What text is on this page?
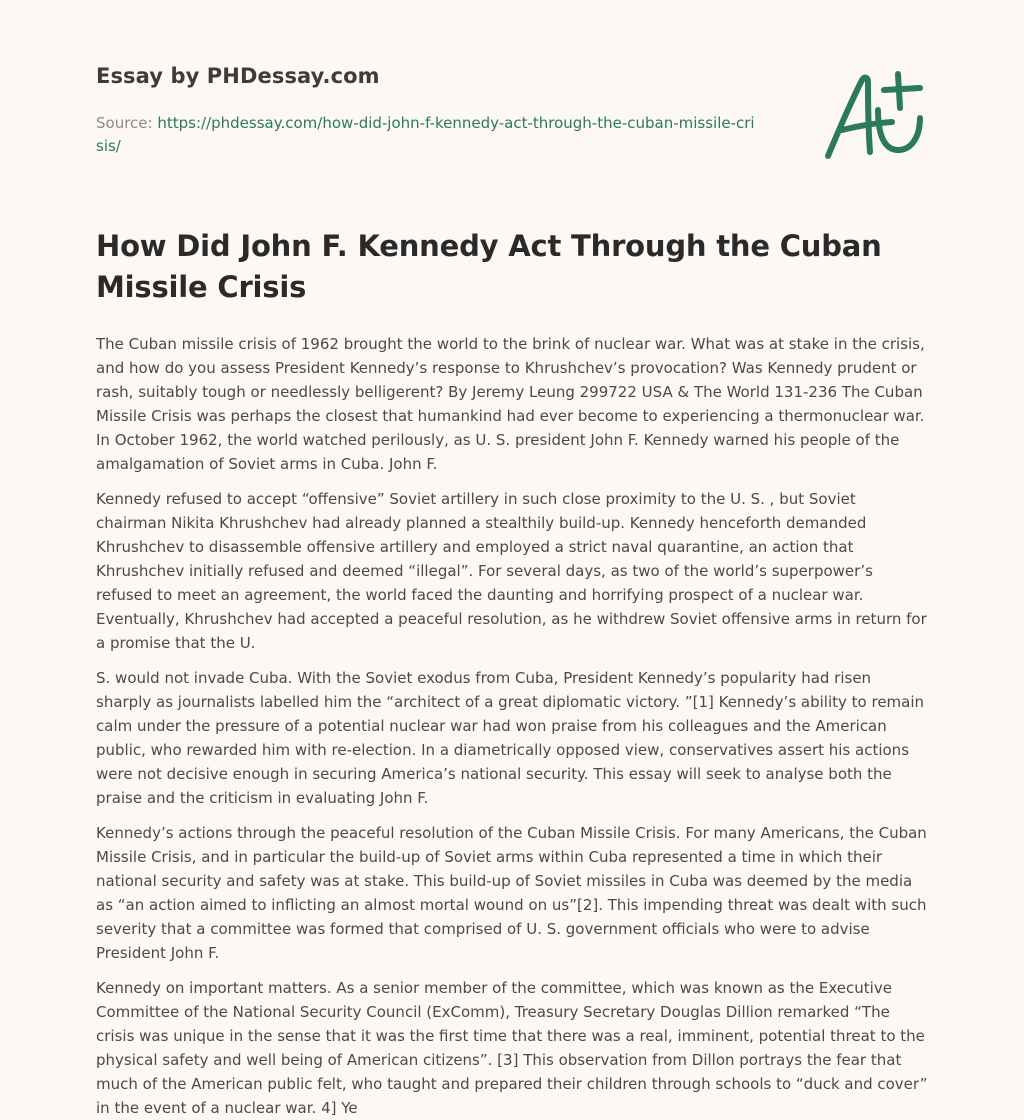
Essay by PHDessay.com
Source: https://phdessay.com/how-did-john-f-kennedy-act-through-the-cuban-missile-crisis/
How Did John F. Kennedy Act Through the Cuban Missile Crisis

The Cuban missile crisis of 1962 brought the world to the brink of nuclear war. What was at stake in the crisis, and how do you assess President Kennedy’s response to Khrushchev’s provocation? Was Kennedy prudent or rash, suitably tough or needlessly belligerent? By Jeremy Leung 299722 USA & The World 131-236 The Cuban Missile Crisis was perhaps the closest that humankind had ever become to experiencing a thermonuclear war. In October 1962, the world watched perilously, as U. S. president John F. Kennedy warned his people of the amalgamation of Soviet arms in Cuba. John F.

Kennedy refused to accept “offensive” Soviet artillery in such close proximity to the U. S. , but Soviet chairman Nikita Khrushchev had already planned a stealthily build-up. Kennedy henceforth demanded Khrushchev to disassemble offensive artillery and employed a strict naval quarantine, an action that Khrushchev initially refused and deemed “illegal”. For several days, as two of the world’s superpower’s refused to meet an agreement, the world faced the daunting and horrifying prospect of a nuclear war. Eventually, Khrushchev had accepted a peaceful resolution, as he withdrew Soviet offensive arms in return for a promise that the U.

S. would not invade Cuba. With the Soviet exodus from Cuba, President Kennedy’s popularity had risen sharply as journalists labelled him the “architect of a great diplomatic victory. ”[1] Kennedy’s ability to remain calm under the pressure of a potential nuclear war had won praise from his colleagues and the American public, who rewarded him with re-election. In a diametrically opposed view, conservatives assert his actions were not decisive enough in securing America’s national security. This essay will seek to analyse both the praise and the criticism in evaluating John F.

Kennedy’s actions through the peaceful resolution of the Cuban Missile Crisis. For many Americans, the Cuban Missile Crisis, and in particular the build-up of Soviet arms within Cuba represented a time in which their national security and safety was at stake. This build-up of Soviet missiles in Cuba was deemed by the media as “an action aimed to inflicting an almost mortal wound on us”[2]. This impending threat was dealt with such severity that a committee was formed that comprised of U. S. government officials who were to advise President John F.

Kennedy on important matters. As a senior member of the committee, which was known as the Executive Committee of the National Security Council (ExComm), Treasury Secretary Douglas Dillion remarked “The crisis was unique in the sense that it was the first time that there was a real, imminent, potential threat to the physical safety and well being of American citizens”. [3] This observation from Dillon portrays the fear that much of the American public felt, who taught and prepared their children through schools to “duck and cover” in the event of a nuclear war. 4] Ye
